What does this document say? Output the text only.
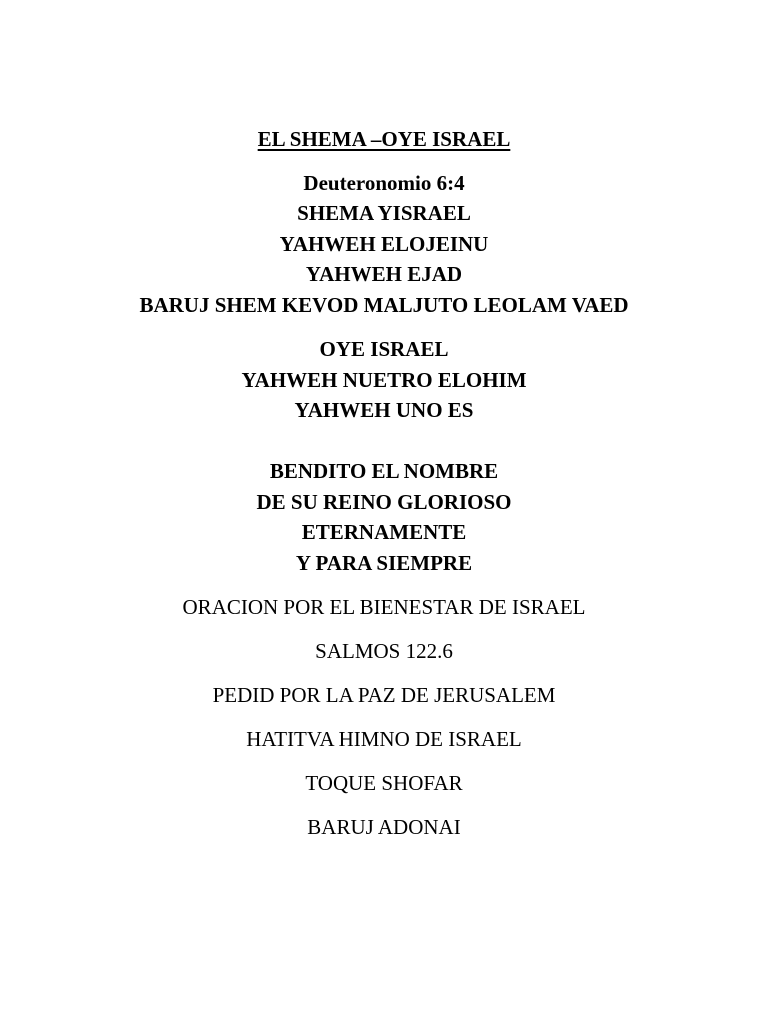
EL SHEMA –OYE ISRAEL
Deuteronomio 6:4
SHEMA YISRAEL
YAHWEH ELOJEINU
YAHWEH EJAD
BARUJ SHEM KEVOD MALJUTO LEOLAM VAED
OYE ISRAEL
YAHWEH NUETRO ELOHIM
YAHWEH UNO ES
BENDITO EL NOMBRE
DE SU REINO GLORIOSO
ETERNAMENTE
Y PARA SIEMPRE
ORACION POR EL BIENESTAR DE ISRAEL
SALMOS 122.6
PEDID POR LA PAZ DE JERUSALEM
HATITVA HIMNO DE ISRAEL
TOQUE SHOFAR
BARUJ ADONAI
